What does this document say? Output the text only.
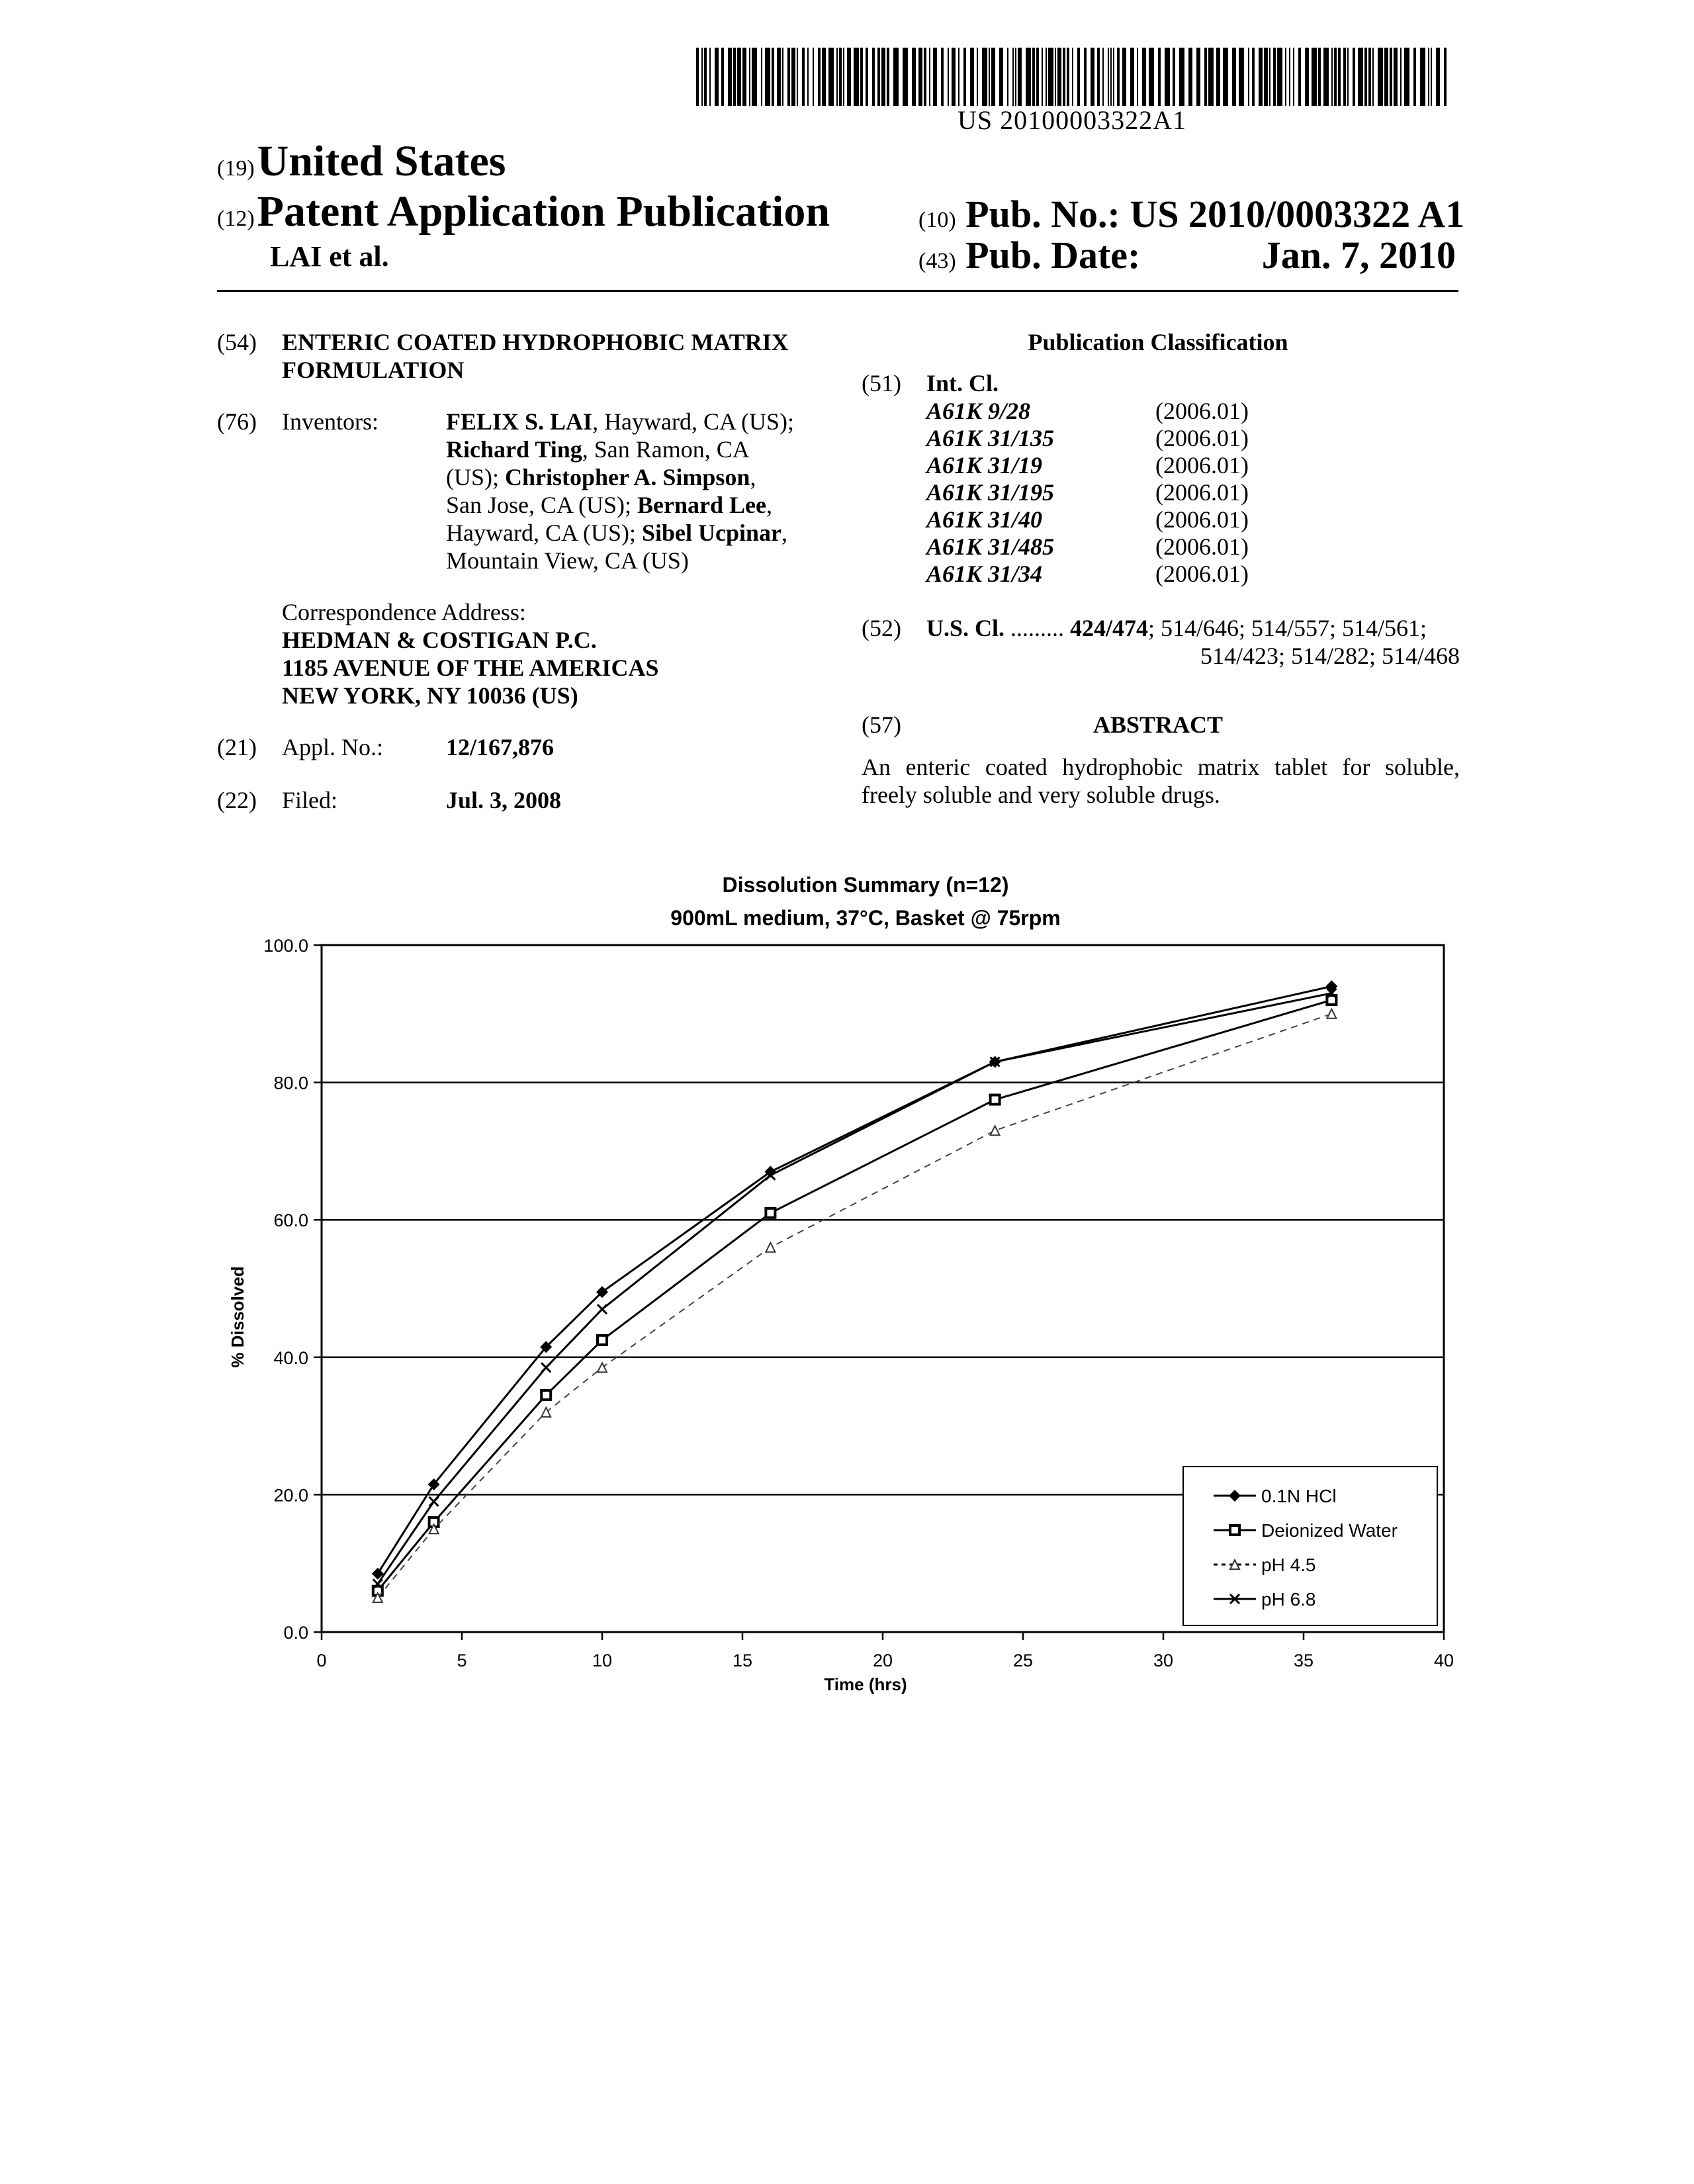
US 20100003322A1
(19) United States
(12) Patent Application Publication
LAI et al.
(10) Pub. No.: US 2010/0003322 A1
(43) Pub. Date:	Jan. 7, 2010
(54) ENTERIC COATED HYDROPHOBIC MATRIX
FORMULATION
(76) Inventors:	FELIX S. LAI, Hayward, CA (US);
Richard Ting, San Ramon, CA
(US); Christopher A. Simpson,
San Jose, CA (US); Bernard Lee,
Hayward, CA (US); Sibel Ucpinar,
Mountain View, CA (US)
Correspondence Address:
HEDMAN & COSTIGAN P.C.
1185 AVENUE OF THE AMERICAS
NEW YORK, NY 10036 (US)
(21) Appl. No.:	12/167,876
(22) Filed:	Jul. 3, 2008
Publication Classification
(51) Int. Cl.
A61K 9/28	(2006.01)
A61K 31/135	(2006.01)
A61K 31/19	(2006.01)
A61K 31/195	(2006.01)
A61K 31/40	(2006.01)
A61K 31/485	(2006.01)
A61K 31/34	(2006.01)
(52) U.S. Cl. ......... 424/474; 514/646; 514/557; 514/561;
514/423; 514/282; 514/468
(57)	ABSTRACT
An enteric coated hydrophobic matrix tablet for soluble,
freely soluble and very soluble drugs.
Dissolution Summary (n=12)
900mL medium, 37°C, Basket @ 75rpm
Time (hrs)
% Dissolved
0.0
20.0
40.0
60.0
80.0
100.0
0	5	10	15	20	25	30	35	40
0.1N HCl
Deionized Water
pH 4.5
pH 6.8
